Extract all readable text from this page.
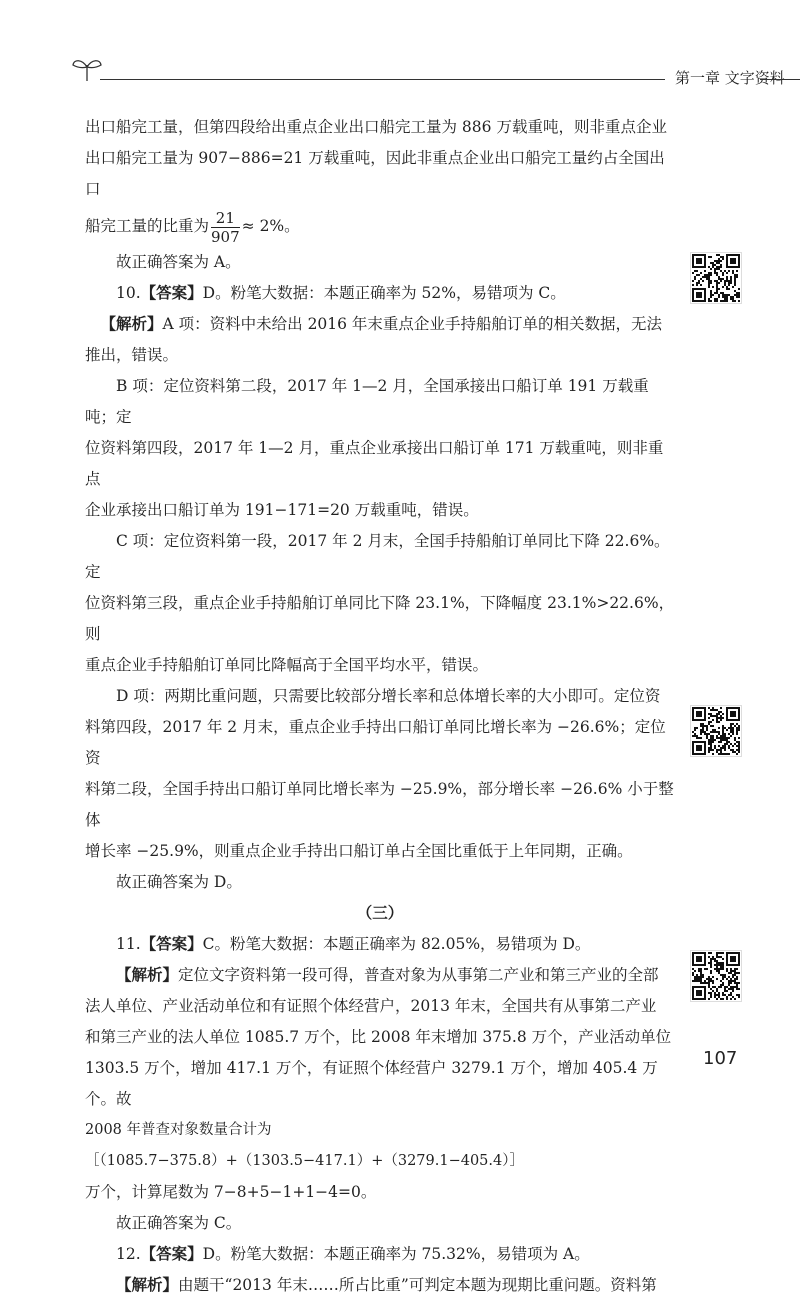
第一章 文字资料

出口船完工量，但第四段给出重点企业出口船完工量为 886 万载重吨，则非重点企业

出口船完工量为 907−886=21 万载重吨，因此非重点企业出口船完工量约占全国出口

船完工量的比重为 $\frac{21}{907} \approx 2\%$。

故正确答案为 A。

10.【答案】D。粉笔大数据：本题正确率为 52%，易错项为 C。

【解析】A 项：资料中未给出 2016 年末重点企业手持船舶订单的相关数据，无法

推出，错误。

B 项：定位资料第二段，2017 年 1—2 月，全国承接出口船订单 191 万载重吨；定

位资料第四段，2017 年 1—2 月，重点企业承接出口船订单 171 万载重吨，则非重点

企业承接出口船订单为 191−171=20 万载重吨，错误。

C 项：定位资料第一段，2017 年 2 月末，全国手持船舶订单同比下降 22.6%。定

位资料第三段，重点企业手持船舶订单同比下降 23.1%，下降幅度 23.1%>22.6%，则

重点企业手持船舶订单同比降幅高于全国平均水平，错误。

D 项：两期比重问题，只需要比较部分增长率和总体增长率的大小即可。定位资

料第四段，2017 年 2 月末，重点企业手持出口船订单同比增长率为 −26.6%；定位资

料第二段，全国手持出口船订单同比增长率为 −25.9%，部分增长率 −26.6% 小于整体

增长率 −25.9%，则重点企业手持出口船订单占全国比重低于上年同期，正确。

故正确答案为 D。

（三）

11.【答案】C。粉笔大数据：本题正确率为 82.05%，易错项为 D。

【解析】定位文字资料第一段可得，普查对象为从事第二产业和第三产业的全部

法人单位、产业活动单位和有证照个体经营户，2013 年末，全国共有从事第二产业

和第三产业的法人单位 1085.7 万个，比 2008 年末增加 375.8 万个，产业活动单位

1303.5 万个，增加 417.1 万个，有证照个体经营户 3279.1 万个，增加 405.4 万个。故

2008 年普查对象数量合计为［（1085.7−375.8）+（1303.5−417.1）+（3279.1−405.4）］

万个，计算尾数为 7−8+5−1+1−4=0。

故正确答案为 C。

12.【答案】D。粉笔大数据：本题正确率为 75.32%，易错项为 A。

【解析】由题干“2013 年末……所占比重”可判定本题为现期比重问题。资料第

107
